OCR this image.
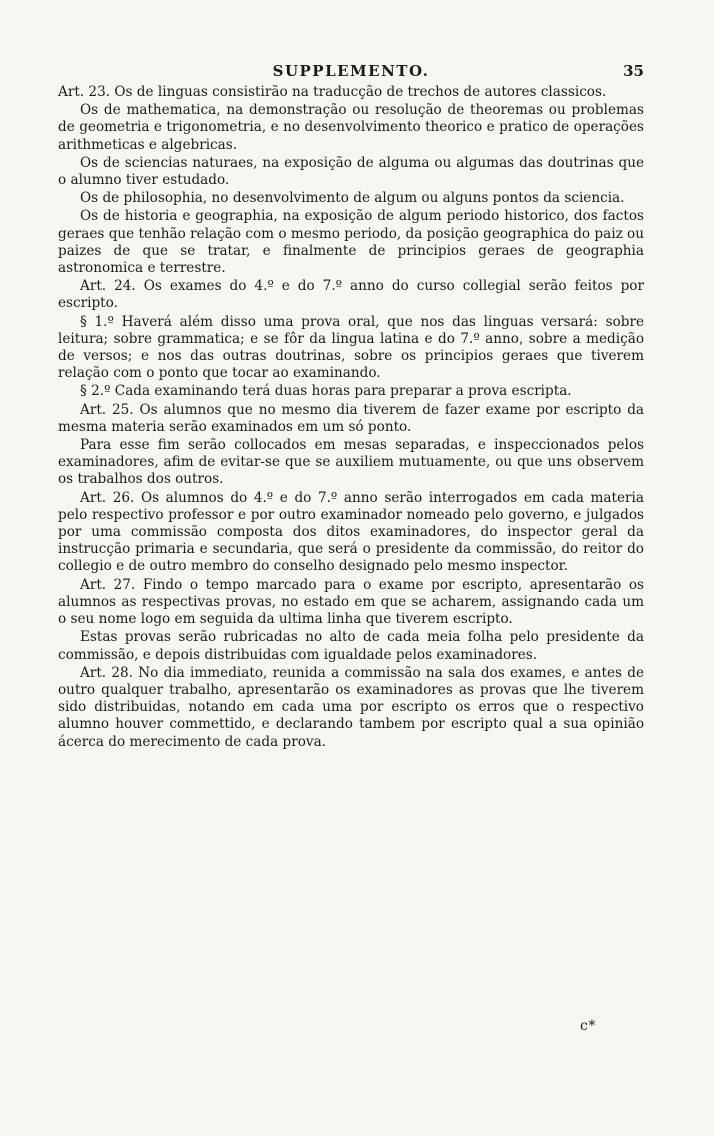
SUPPLEMENTO.	35

Art. 23. Os de linguas consistirão na traducção de trechos de autores classicos.

Os de mathematica, na demonstração ou resolução de theoremas ou problemas de geometria e trigonometria, e no desenvolvimento theorico e pratico de operações arithmeticas e algebricas.

Os de sciencias naturaes, na exposição de alguma ou algumas das doutrinas que o alumno tiver estudado.

Os de philosophia, no desenvolvimento de algum ou alguns pontos da sciencia.

Os de historia e geographia, na exposição de algum periodo historico, dos factos geraes que tenhão relação com o mesmo periodo, da posição geographica do paiz ou paizes de que se tratar, e finalmente de principios geraes de geographia astronomica e terrestre.

Art. 24. Os exames do 4.º e do 7.º anno do curso collegial serão feitos por escripto.

§ 1.º Haverá além disso uma prova oral, que nos das linguas versará: sobre leitura; sobre grammatica; e se fôr da lingua latina e do 7.º anno, sobre a medição de versos; e nos das outras doutrinas, sobre os principios geraes que tiverem relação com o ponto que tocar ao examinando.

§ 2.º Cada examinando terá duas horas para preparar a prova escripta.

Art. 25. Os alumnos que no mesmo dia tiverem de fazer exame por escripto da mesma materia serão examinados em um só ponto.

Para esse fim serão collocados em mesas separadas, e inspeccionados pelos examinadores, afim de evitar-se que se auxiliem mutuamente, ou que uns observem os trabalhos dos outros.

Art. 26. Os alumnos do 4.º e do 7.º anno serão interrogados em cada materia pelo respectivo professor e por outro examinador nomeado pelo governo, e julgados por uma commissão composta dos ditos examinadores, do inspector geral da instrucção primaria e secundaria, que será o presidente da commissão, do reitor do collegio e de outro membro do conselho designado pelo mesmo inspector.

Art. 27. Findo o tempo marcado para o exame por escripto, apresentarão os alumnos as respectivas provas, no estado em que se acharem, assignando cada um o seu nome logo em seguida da ultima linha que tiverem escripto.

Estas provas serão rubricadas no alto de cada meia folha pelo presidente da commissão, e depois distribuidas com igualdade pelos examinadores.

Art. 28. No dia immediato, reunida a commissão na sala dos exames, e antes de outro qualquer trabalho, apresentarão os examinadores as provas que lhe tiverem sido distribuidas, notando em cada uma por escripto os erros que o respectivo alumno houver commettido, e declarando tambem por escripto qual a sua opinião ácerca do merecimento de cada prova.

c*
